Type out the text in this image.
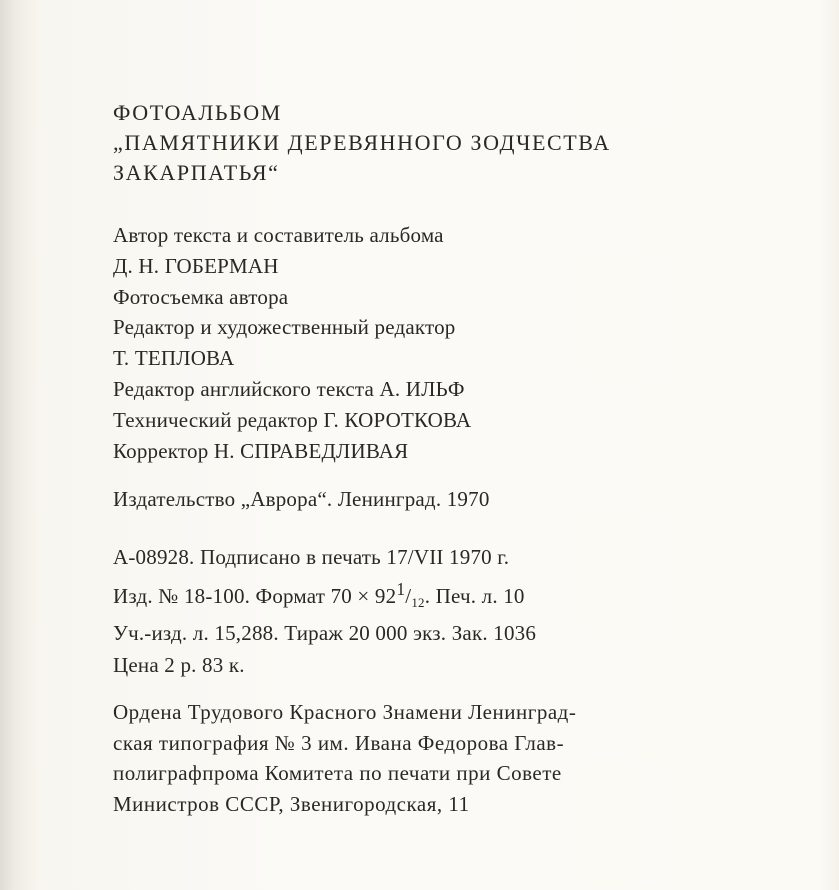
ФОТОАЛЬБОМ
„ПАМЯТНИКИ ДЕРЕВЯННОГО ЗОДЧЕСТВА
ЗАКАРПАТЬЯ“
Автор текста и составитель альбома
Д. Н. ГОБЕРМАН
Фотосъемка автора
Редактор и художественный редактор
Т. ТЕПЛОВА
Редактор английского текста А. ИЛЬФ
Технический редактор Г. КОРОТКОВА
Корректор Н. СПРАВЕДЛИВАЯ
Издательство „Аврора“. Ленинград. 1970
А-08928. Подписано в печать 17/VII 1970 г.
Изд. № 18-100. Формат $70 \times 92^1/12$. Печ. л. 10
Уч.-изд. л. 15,288. Тираж 20 000 экз. Зак. 1036
Цена 2 р. 83 к.
Ордена Трудового Красного Знамени Ленинград-
ская типография № 3 им. Ивана Федорова Глав-
полиграфпрома Комитета по печати при Совете
Министров СССР, Звенигородская, 11
